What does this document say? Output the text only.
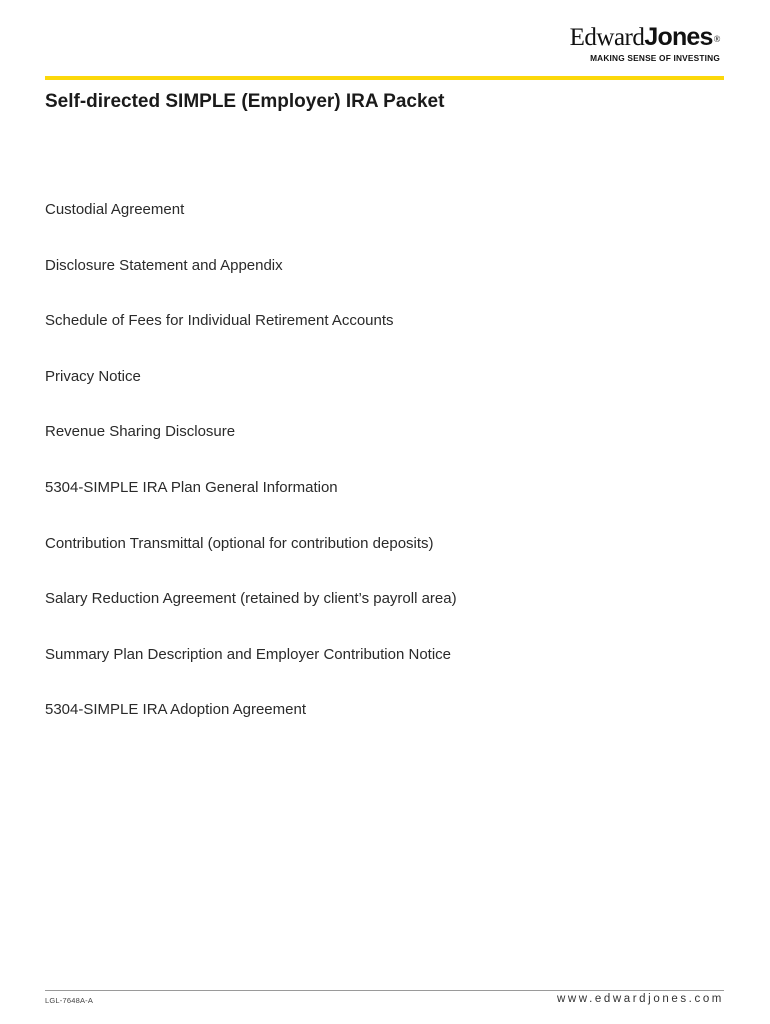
EdwardJones®
MAKING SENSE OF INVESTING
Self-directed SIMPLE (Employer) IRA Packet
Custodial Agreement
Disclosure Statement and Appendix
Schedule of Fees for Individual Retirement Accounts
Privacy Notice
Revenue Sharing Disclosure
5304-SIMPLE IRA Plan General Information
Contribution Transmittal (optional for contribution deposits)
Salary Reduction Agreement (retained by client’s payroll area)
Summary Plan Description and Employer Contribution Notice
5304-SIMPLE IRA Adoption Agreement
LGL-7648A-A	www.edwardjones.com
